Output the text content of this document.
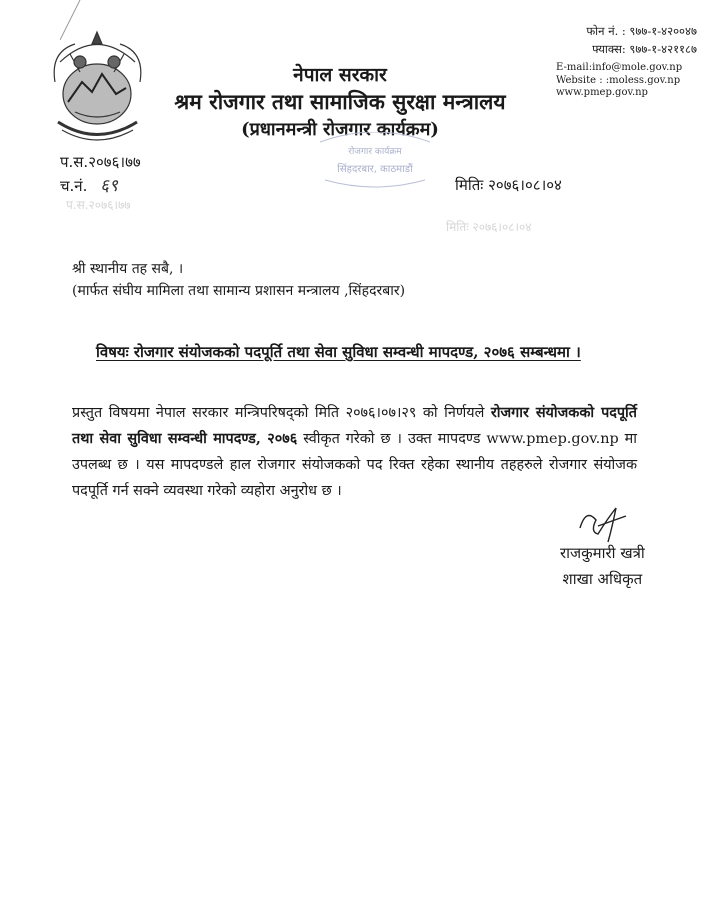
प.स.२०७६।७७
मितिः २०७६।०८।०४
फोन नं. : ९७७-१-४२००४७
फ्याक्स: ९७७-१-४२११८७
E-mail:info@mole.gov.np
Website : :moless.gov.np
www.pmep.gov.np
नेपाल सरकार
श्रम रोजगार तथा सामाजिक सुरक्षा मन्त्रालय
(प्रधानमन्त्री रोजगार कार्यक्रम)
रोजगार कार्यक्रम
सिंहदरबार, काठमाडौं
प.स.२०७६।७७
च.नं. ६९	मितिः २०७६।०८।०४
श्री स्थानीय तह सबै, ।
(मार्फत संघीय मामिला तथा सामान्य प्रशासन मन्त्रालय ,सिंहदरबार)
विषयः रोजगार संयोजकको पदपूर्ति तथा सेवा सुविधा सम्वन्धी मापदण्ड, २०७६ सम्बन्धमा ।
प्रस्तुत विषयमा नेपाल सरकार मन्त्रिपरिषद्को मिति २०७६।०७।२९ को निर्णयले रोजगार संयोजकको पदपूर्ति तथा सेवा सुविधा सम्वन्धी मापदण्ड, २०७६ स्वीकृत गरेको छ । उक्त मापदण्ड www.pmep.gov.np मा उपलब्ध छ । यस मापदण्डले हाल रोजगार संयोजकको पद रिक्त रहेका स्थानीय तहहरुले रोजगार संयोजक पदपूर्ति गर्न सक्ने व्यवस्था गरेको व्यहोरा अनुरोध छ ।
राजकुमारी खत्री
शाखा अधिकृत
